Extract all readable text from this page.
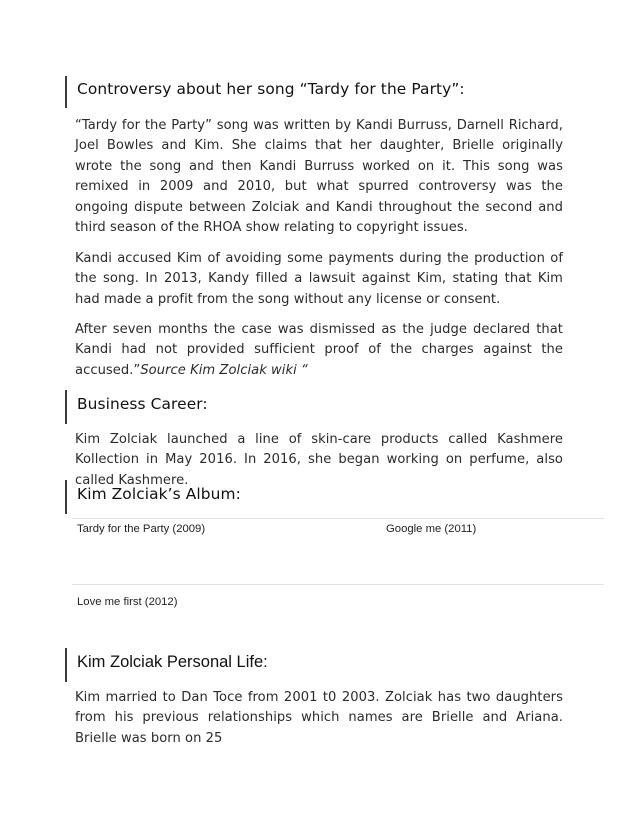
Controversy about her song “Tardy for the Party”:

“Tardy for the Party” song was written by Kandi Burruss, Darnell Richard, Joel Bowles and Kim. She claims that her daughter, Brielle originally wrote the song and then Kandi Burruss worked on it. This song was remixed in 2009 and 2010, but what spurred controversy was the ongoing dispute between Zolciak and Kandi throughout the second and third season of the RHOA show relating to copyright issues.

Kandi accused Kim of avoiding some payments during the production of the song. In 2013, Kandy filled a lawsuit against Kim, stating that Kim had made a profit from the song without any license or consent.

After seven months the case was dismissed as the judge declared that Kandi had not provided sufficient proof of the charges against the accused.”Source Kim Zolciak wiki “

Business Career:

Kim Zolciak launched a line of skin-care products called Kashmere Kollection in May 2016. In 2016, she began working on perfume, also called Kashmere.

Kim Zolciak’s Album:
Tardy for the Party (2009)	Google me (2011)
Love me first (2012)
Kim Zolciak Personal Life:

Kim married to Dan Toce from 2001 t0 2003. Zolciak has two daughters from his previous relationships which names are Brielle and Ariana. Brielle was born on 25
